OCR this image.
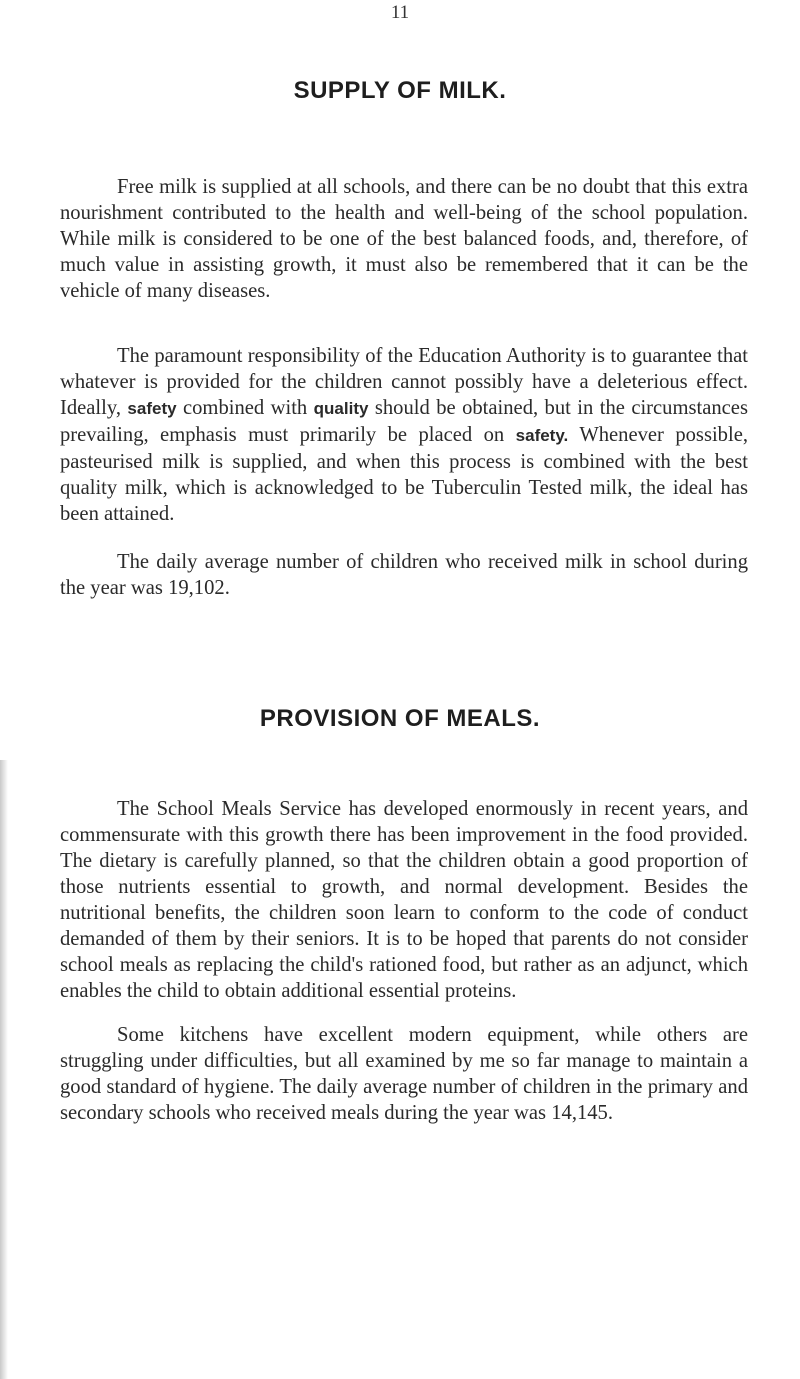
11
SUPPLY OF MILK.

Free milk is supplied at all schools, and there can be no doubt that this extra nourishment contributed to the health and well-being of the school population. While milk is considered to be one of the best balanced foods, and, therefore, of much value in assisting growth, it must also be remembered that it can be the vehicle of many diseases.

The paramount responsibility of the Education Authority is to guarantee that whatever is provided for the children cannot possibly have a deleterious effect. Ideally, safety combined with quality should be obtained, but in the circumstances prevailing, emphasis must primarily be placed on safety. Whenever possible, pasteurised milk is supplied, and when this process is combined with the best quality milk, which is acknowledged to be Tuberculin Tested milk, the ideal has been attained.

The daily average number of children who received milk in school during the year was 19,102.

PROVISION OF MEALS.

The School Meals Service has developed enormously in recent years, and commensurate with this growth there has been improvement in the food provided. The dietary is carefully planned, so that the children obtain a good proportion of those nutrients essential to growth, and normal development. Besides the nutritional benefits, the children soon learn to conform to the code of conduct demanded of them by their seniors. It is to be hoped that parents do not consider school meals as replacing the child's rationed food, but rather as an adjunct, which enables the child to obtain additional essential proteins.

Some kitchens have excellent modern equipment, while others are struggling under difficulties, but all examined by me so far manage to maintain a good standard of hygiene. The daily average number of children in the primary and secondary schools who received meals during the year was 14,145.
